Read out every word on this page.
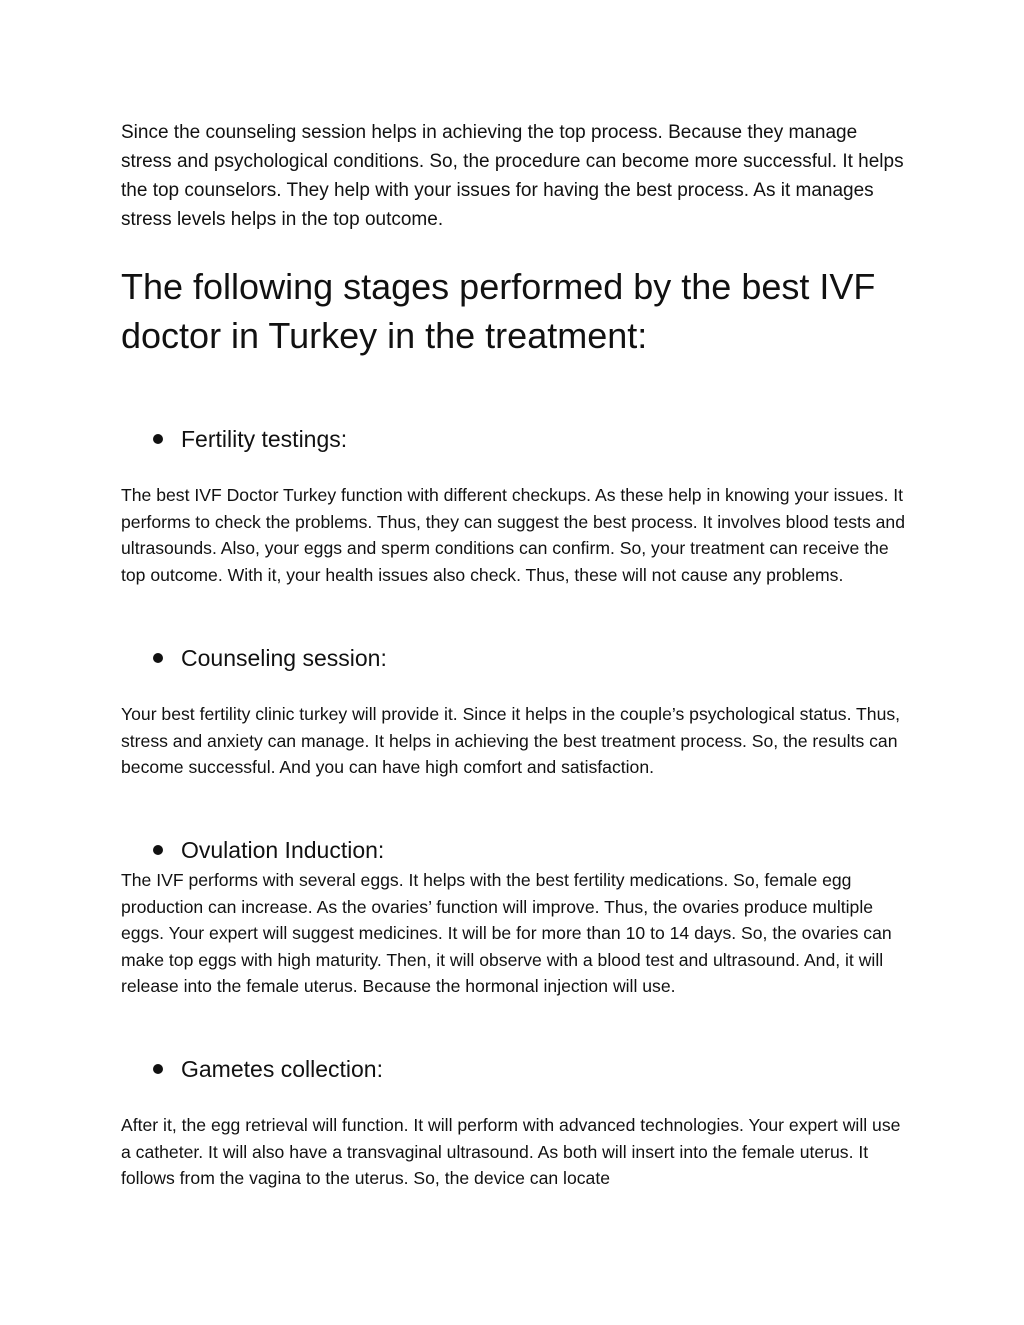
Since the counseling session helps in achieving the top process. Because they manage stress and psychological conditions. So, the procedure can become more successful. It helps the top counselors. They help with your issues for having the best process. As it manages stress levels helps in the top outcome.

The following stages performed by the best IVF doctor in Turkey in the treatment:
Fertility testings:

The best IVF Doctor Turkey function with different checkups. As these help in knowing your issues. It performs to check the problems. Thus, they can suggest the best process. It involves blood tests and ultrasounds. Also, your eggs and sperm conditions can confirm. So, your treatment can receive the top outcome. With it, your health issues also check. Thus, these will not cause any problems.

Counseling session:

Your best fertility clinic turkey will provide it. Since it helps in the couple’s psychological status. Thus, stress and anxiety can manage. It helps in achieving the best treatment process. So, the results can become successful. And you can have high comfort and satisfaction.

Ovulation Induction:

The IVF performs with several eggs. It helps with the best fertility medications. So, female egg production can increase. As the ovaries’ function will improve. Thus, the ovaries produce multiple eggs. Your expert will suggest medicines. It will be for more than 10 to 14 days. So, the ovaries can make top eggs with high maturity. Then, it will observe with a blood test and ultrasound. And, it will release into the female uterus. Because the hormonal injection will use.

Gametes collection:

After it, the egg retrieval will function. It will perform with advanced technologies. Your expert will use a catheter. It will also have a transvaginal ultrasound. As both will insert into the female uterus. It follows from the vagina to the uterus. So, the device can locate
